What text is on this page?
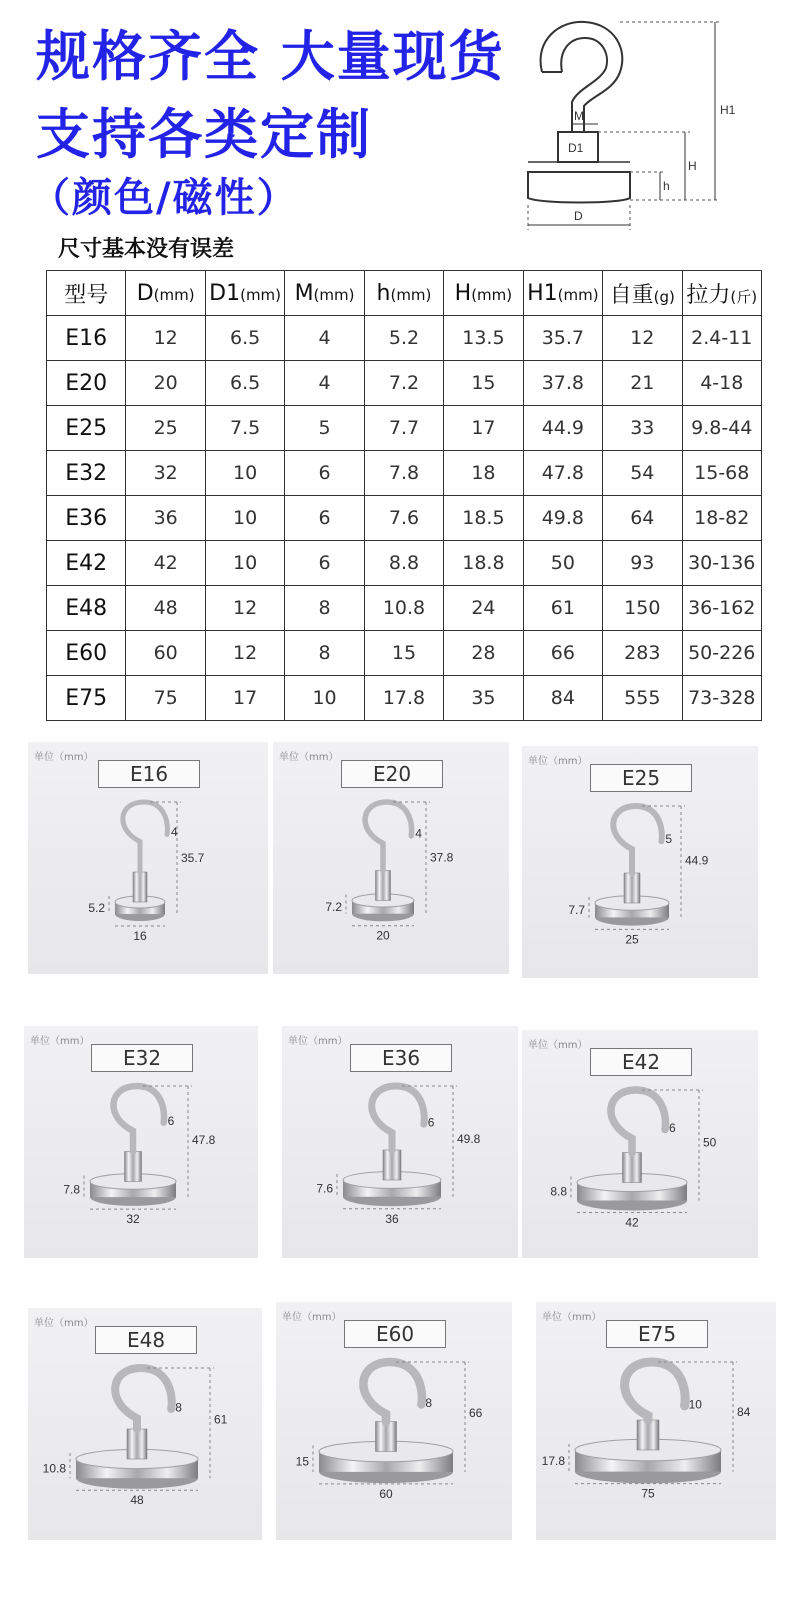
规格齐全 大量现货
支持各类定制
（颜色/磁性）
尺寸基本没有误差
H1
H
h
M
D1
D
型号	D(mm)	D1(mm)	M(mm)	h(mm)	H(mm)	H1(mm)	自重(g)	拉力(斤)
E16	12	6.5	4	5.2	13.5	35.7	12	2.4-11
E20	20	6.5	4	7.2	15	37.8	21	4-18
E25	25	7.5	5	7.7	17	44.9	33	9.8-44
E32	32	10	6	7.8	18	47.8	54	15-68
E36	36	10	6	7.6	18.5	49.8	64	18-82
E42	42	10	6	8.8	18.8	50	93	30-136
E48	48	12	8	10.8	24	61	150	36-162
E60	60	12	8	15	28	66	283	50-226
E75	75	17	10	17.8	35	84	555	73-328
单位（mm）
E16
35.7
5.2
16
4
单位（mm）
E20
37.8
7.2
20
4
单位（mm）
E25
44.9
7.7
25
5
单位（mm）
E32
47.8
7.8
32
6
单位（mm）
E36
49.8
7.6
36
6
单位（mm）
E42
50
8.8
42
6
单位（mm）
E48
61
10.8
48
8
单位（mm）
E60
66
15
60
8
单位（mm）
E75
84
17.8
75
10
